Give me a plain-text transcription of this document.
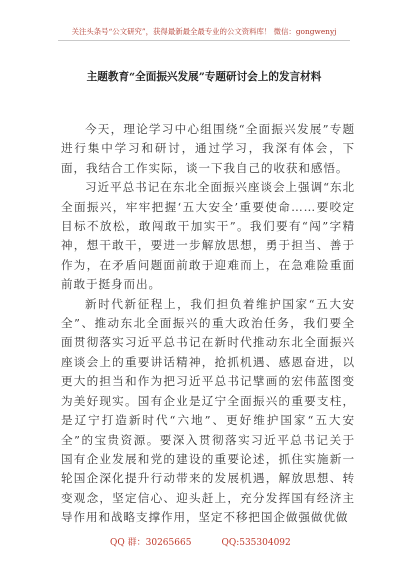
关注头条号“公文研究”，获得最新最全最专业的公文资料库！ 微信：gongwenyj
主题教育“全面振兴发展”专题研讨会上的发言材料

今天，理论学习中心组围绕“全面振兴发展”专题进行集中学习和研讨，通过学习，我深有体会，下面，我结合工作实际，谈一下我自己的收获和感悟。

习近平总书记在东北全面振兴座谈会上强调“东北全面振兴，牢牢把握‘五大安全’重要使命……要咬定目标不放松，敢闯敢干加实干”。我们要有“闯”字精神，想干敢干，要进一步解放思想，勇于担当、善于作为，在矛盾问题面前敢于迎难而上，在急难险重面前敢于挺身而出。

新时代新征程上，我们担负着维护国家“五大安全”、推动东北全面振兴的重大政治任务，我们要全面贯彻落实习近平总书记在新时代推动东北全面振兴座谈会上的重要讲话精神，抢抓机遇、感恩奋进，以更大的担当和作为把习近平总书记擘画的宏伟蓝图变为美好现实。国有企业是辽宁全面振兴的重要支柱，是辽宁打造新时代“六地”、更好维护国家“五大安全”的宝贵资源。要深入贯彻落实习近平总书记关于国有企业发展和党的建设的重要论述，抓住实施新一轮国企深化提升行动带来的发展机遇，解放思想、转变观念，坚定信心、迎头赶上，充分发挥国有经济主导作用和战略支撑作用，坚定不移把国企做强做优做

QQ 群：30265665	QQ:535304092
